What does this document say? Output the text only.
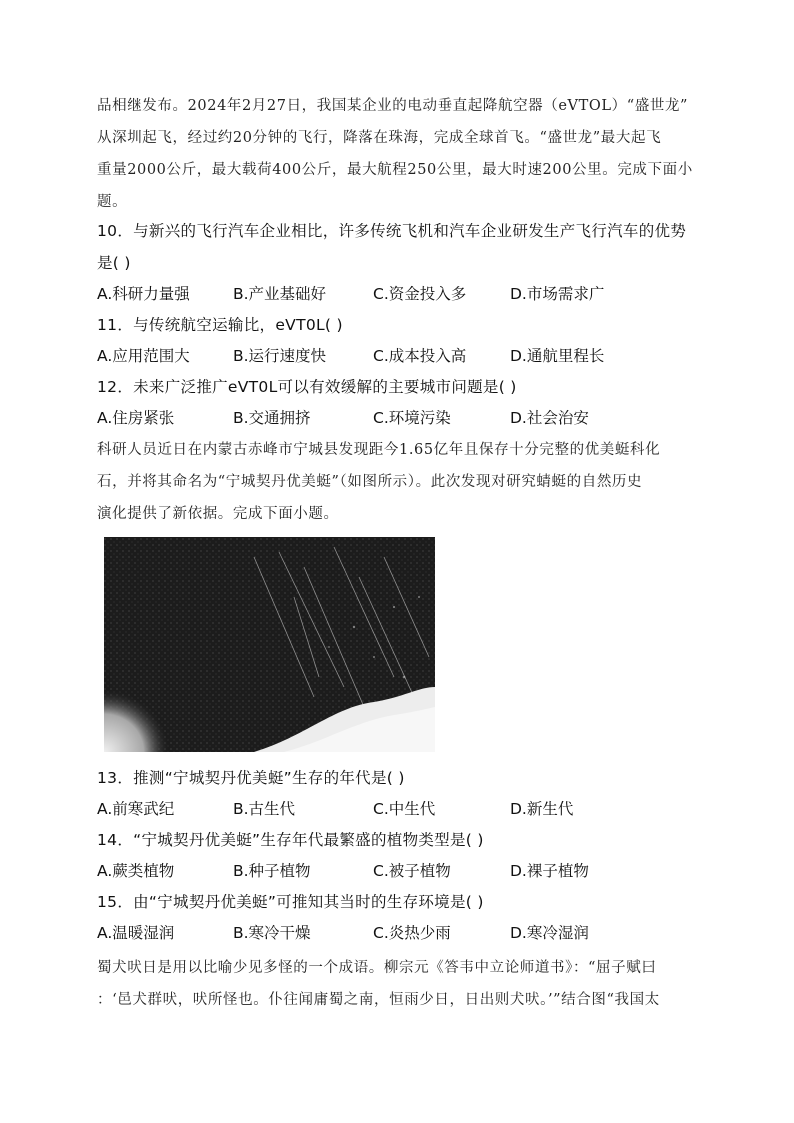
品相继发布。2024年2月27日，我国某企业的电动垂直起降航空器（eVTOL）“盛世龙”
从深圳起飞，经过约20分钟的飞行，降落在珠海，完成全球首飞。“盛世龙”最大起飞
重量2000公斤，最大载荷400公斤，最大航程250公里，最大时速200公里。完成下面小
题。
10．与新兴的飞行汽车企业相比，许多传统飞机和汽车企业研发生产飞行汽车的优势
是( )
A.科研力量强	B.产业基础好	C.资金投入多	D.市场需求广
11．与传统航空运输比，eVT0L( )
A.应用范围大	B.运行速度快	C.成本投入高	D.通航里程长
12．未来广泛推广eVT0L可以有效缓解的主要城市问题是( )
A.住房紧张	B.交通拥挤	C.环境污染	D.社会治安
科研人员近日在内蒙古赤峰市宁城县发现距今1.65亿年且保存十分完整的优美蜓科化
石，并将其命名为“宁城契丹优美蜓”（如图所示）。此次发现对研究蜻蜓的自然历史
演化提供了新依据。完成下面小题。
13．推测“宁城契丹优美蜓”生存的年代是( )
A.前寒武纪	B.古生代	C.中生代	D.新生代
14．“宁城契丹优美蜓”生存年代最繁盛的植物类型是( )
A.蕨类植物	B.种子植物	C.被子植物	D.裸子植物
15．由“宁城契丹优美蜓”可推知其当时的生存环境是( )
A.温暖湿润	B.寒冷干燥	C.炎热少雨	D.寒冷湿润
蜀犬吠日是用以比喻少见多怪的一个成语。柳宗元《答韦中立论师道书》：“屈子赋曰
：‘邑犬群吠，吠所怪也。仆往闻庸蜀之南，恒雨少日，日出则犬吠。’”结合图“我国太
